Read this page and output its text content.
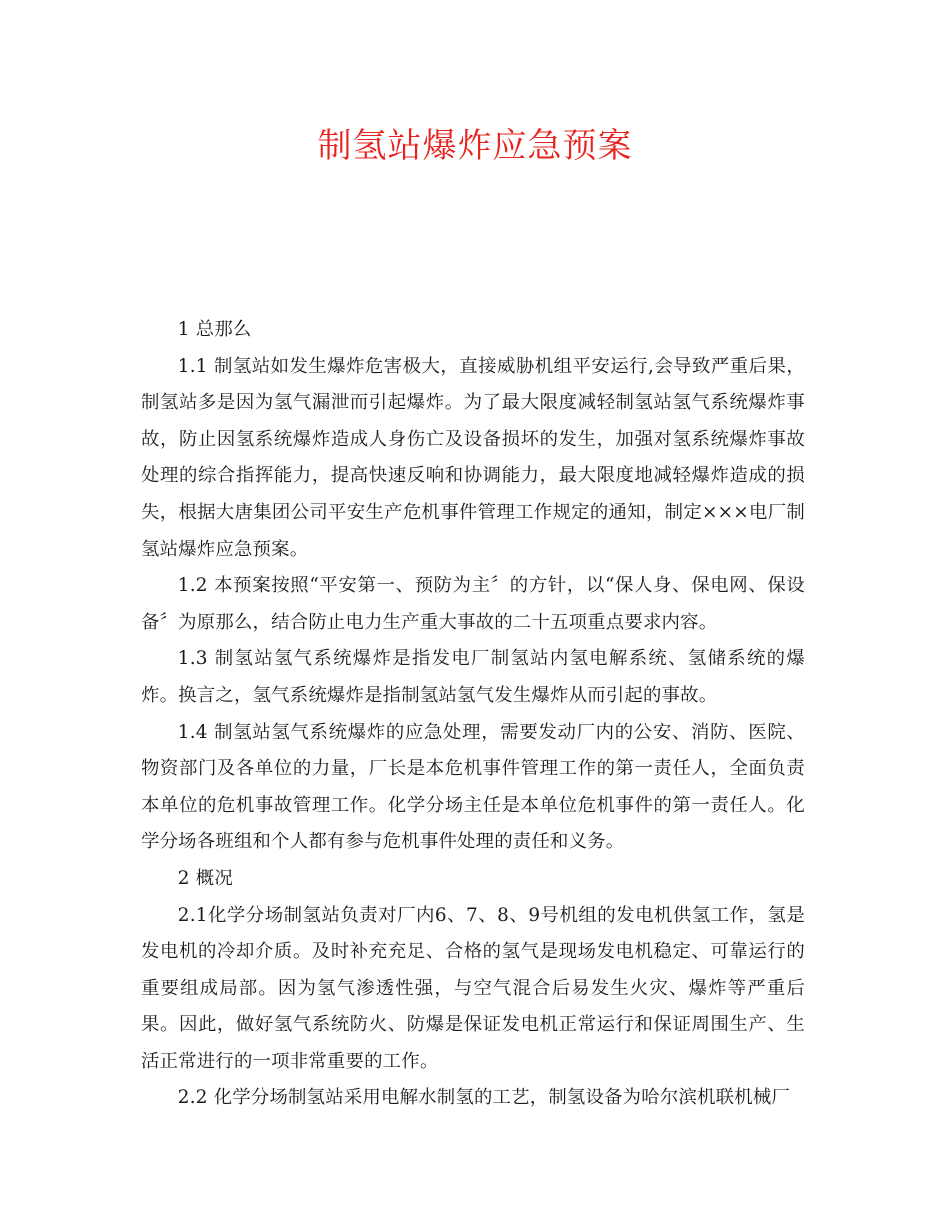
制氢站爆炸应急预案

1 总那么

1.1 制氢站如发生爆炸危害极大，直接威胁机组平安运行,会导致严重后果，制氢站多是因为氢气漏泄而引起爆炸。为了最大限度减轻制氢站氢气系统爆炸事故，防止因氢系统爆炸造成人身伤亡及设备损坏的发生，加强对氢系统爆炸事故处理的综合指挥能力，提高快速反响和协调能力，最大限度地减轻爆炸造成的损失，根据大唐集团公司平安生产危机事件管理工作规定的通知，制定×××电厂制氢站爆炸应急预案。

1.2 本预案按照“平安第一、预防为主〞的方针，以“保人身、保电网、保设备〞为原那么，结合防止电力生产重大事故的二十五项重点要求内容。

1.3 制氢站氢气系统爆炸是指发电厂制氢站内氢电解系统、氢储系统的爆炸。换言之，氢气系统爆炸是指制氢站氢气发生爆炸从而引起的事故。

1.4 制氢站氢气系统爆炸的应急处理，需要发动厂内的公安、消防、医院、物资部门及各单位的力量，厂长是本危机事件管理工作的第一责任人，全面负责本单位的危机事故管理工作。化学分场主任是本单位危机事件的第一责任人。化学分场各班组和个人都有参与危机事件处理的责任和义务。

2 概况

2.1化学分场制氢站负责对厂内6、7、8、9号机组的发电机供氢工作，氢是发电机的冷却介质。及时补充充足、合格的氢气是现场发电机稳定、可靠运行的重要组成局部。因为氢气渗透性强，与空气混合后易发生火灾、爆炸等严重后果。因此，做好氢气系统防火、防爆是保证发电机正常运行和保证周围生产、生活正常进行的一项非常重要的工作。

2.2 化学分场制氢站采用电解水制氢的工艺，制氢设备为哈尔滨机联机械厂
